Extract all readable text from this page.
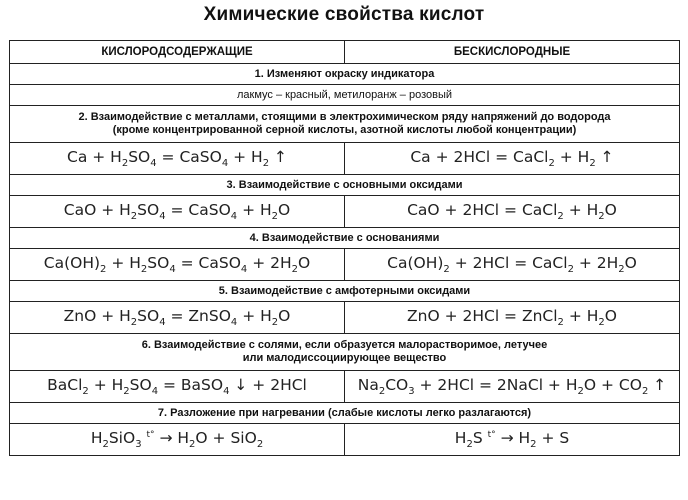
Химические свойства кислот
КИСЛОРОДСОДЕРЖАЩИЕ	БЕСКИСЛОРОДНЫЕ
1. Изменяют окраску индикатора	
лакмус – красный, метилоранж – розовый	
2. Взаимодействие с металлами, стоящими в электрохимическом ряду напряжений до водорода
(кроме концентрированной серной кислоты, азотной кислоты любой концентрации)	
$Ca + H_2SO_4$ = CaSO$_4$ + $H_2$ ↑	Ca + 2HCl = CaCl$_2$ + $H_2$ ↑
3. Взаимодействие с основными оксидами	
CaO + $H_2SO_4$ = CaSO$_4$ + $H_2O$	CaO + 2HCl = CaCl$_2$ + $H_2O$
4. Взаимодействие с основаниями	
$Ca(OH)_2 + H_2SO_4$ = CaSO$_4$ + $2H_2O$	$Ca(OH)_2 + 2HCl$ = CaCl$_2$ + $2H_2O$
5. Взаимодействие с амфотерными оксидами	
ZnO + $H_2SO_4$ = ZnSO$_4$ + $H_2O$	ZnO + 2HCl = ZnCl$_2$ + $H_2O$
6. Взаимодействие с солями, если образуется малорастворимое, летучее
или малодиссоциирующее вещество	
BaCl$_2$ + $H_2SO_4$ = BaSO$_4$ ↓ + 2HCl	$Na_2CO_3 + 2HCl$ = 2NaCl + $H_2O + CO_2$ ↑
7. Разложение при нагревании (слабые кислоты легко разлагаются)	
$H_2SiO_3$ $^{t^\circ} \to H_2O + SiO_2$	$H_2S$ $^{t^\circ} \to H_2 + S$
